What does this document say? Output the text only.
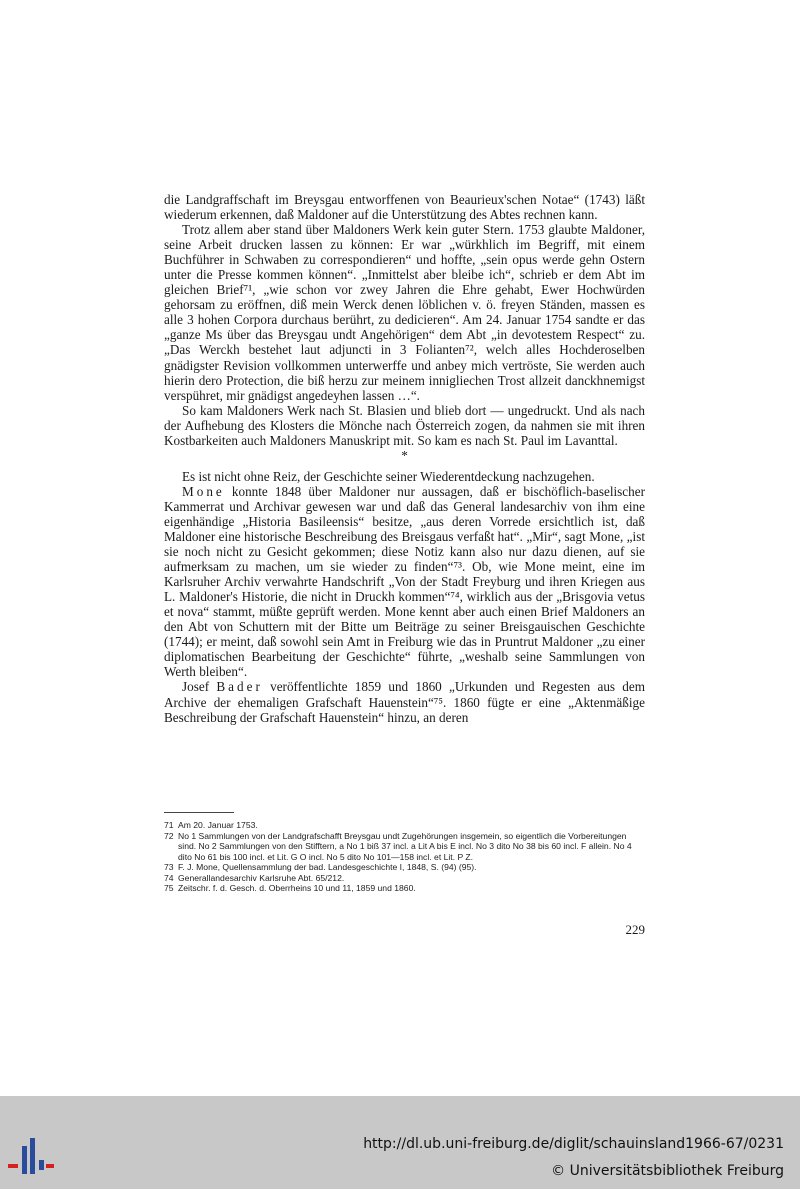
die Landgraffschaft im Breysgau entworffenen von Beaurieux'schen Notae“ (1743) läßt wiederum erkennen, daß Maldoner auf die Unterstützung des Abtes rechnen kann.

Trotz allem aber stand über Maldoners Werk kein guter Stern. 1753 glaubte Maldoner, seine Arbeit drucken lassen zu können: Er war „würkhlich im Begriff, mit einem Buchführer in Schwaben zu correspondieren“ und hoffte, „sein opus werde gehn Ostern unter die Presse kommen können“. „Inmittelst aber bleibe ich“, schrieb er dem Abt im gleichen Brief⁷¹, „wie schon vor zwey Jahren die Ehre gehabt, Ewer Hochwürden gehorsam zu eröffnen, diß mein Werck denen löblichen v. ö. freyen Ständen, massen es alle 3 hohen Corpora durchaus berührt, zu dedicieren“. Am 24. Januar 1754 sandte er das „ganze Ms über das Breysgau undt Angehörigen“ dem Abt „in devotestem Respect“ zu. „Das Werckh bestehet laut adjuncti in 3 Folianten⁷², welch alles Hochderoselben gnädigster Revision vollkommen unterwerffe und anbey mich vertröste, Sie werden auch hierin dero Protection, die biß herzu zur meinem innigliechen Trost allzeit danckhnemigst verspühret, mir gnädigst angedeyhen lassen …“.

So kam Maldoners Werk nach St. Blasien und blieb dort — ungedruckt. Und als nach der Aufhebung des Klosters die Mönche nach Österreich zogen, da nahmen sie mit ihren Kostbarkeiten auch Maldoners Manuskript mit. So kam es nach St. Paul im Lavanttal.

*

Es ist nicht ohne Reiz, der Geschichte seiner Wiederentdeckung nachzugehen.

Mone konnte 1848 über Maldoner nur aussagen, daß er bischöflich-baselischer Kammerrat und Archivar gewesen war und daß das General landesarchiv von ihm eine eigenhändige „Historia Basileensis“ besitze, „aus deren Vorrede ersichtlich ist, daß Maldoner eine historische Beschreibung des Breisgaus verfaßt hat“. „Mir“, sagt Mone, „ist sie noch nicht zu Gesicht gekommen; diese Notiz kann also nur dazu dienen, auf sie aufmerksam zu machen, um sie wieder zu finden“⁷³. Ob, wie Mone meint, eine im Karlsruher Archiv verwahrte Handschrift „Von der Stadt Freyburg und ihren Kriegen aus L. Maldoner's Historie, die nicht in Druckh kommen“⁷⁴, wirklich aus der „Brisgovia vetus et nova“ stammt, müßte geprüft werden. Mone kennt aber auch einen Brief Maldoners an den Abt von Schuttern mit der Bitte um Beiträge zu seiner Breisgauischen Geschichte (1744); er meint, daß sowohl sein Amt in Freiburg wie das in Pruntrut Maldoner „zu einer diplomatischen Bearbeitung der Geschichte“ führte, „weshalb seine Sammlungen von Werth bleiben“.

Josef Bader veröffentlichte 1859 und 1860 „Urkunden und Regesten aus dem Archive der ehemaligen Grafschaft Hauenstein“⁷⁵. 1860 fügte er eine „Aktenmäßige Beschreibung der Grafschaft Hauenstein“ hinzu, an deren

71 Am 20. Januar 1753.
72 No 1 Sammlungen von der Landgrafschafft Breysgau undt Zugehörungen insgemein, so eigentlich die Vorbereitungen sind. No 2 Sammlungen von den Stifftern, a No 1 biß 37 incl. a Lit A bis E incl. No 3 dito No 38 bis 60 incl. F allein. No 4 dito No 61 bis 100 incl. et Lit. G O incl. No 5 dito No 101—158 incl. et Lit. P Z.
73 F. J. Mone, Quellensammlung der bad. Landesgeschichte I, 1848, S. (94) (95).
74 Generallandesarchiv Karlsruhe Abt. 65/212.
75 Zeitschr. f. d. Gesch. d. Oberrheins 10 und 11, 1859 und 1860.
229
http://dl.ub.uni-freiburg.de/diglit/schauinsland1966-67/0231
© Universitätsbibliothek Freiburg
